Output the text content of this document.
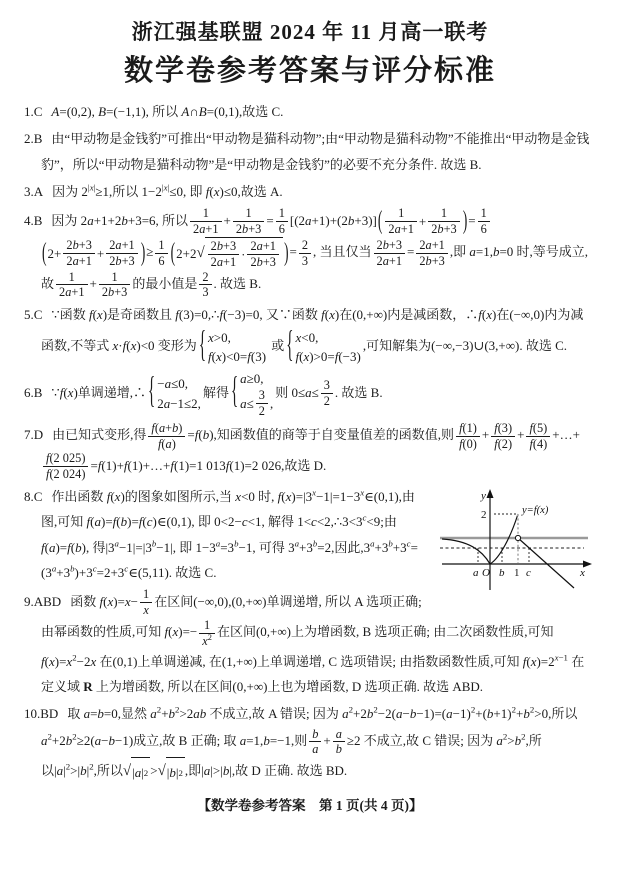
浙江强基联盟 2024 年 11 月高一联考
数学卷参考答案与评分标准
1.C A=(0,2), B=(−1,1), 所以 A∩B=(0,1),故选 C.
2.B 由“甲动物是金钱豹”可推出“甲动物是猫科动物”;由“甲动物是猫科动物”不能推出“甲动物是金钱豹”，所以“甲动物是猫科动物”是“甲动物是金钱豹”的必要不充分条件. 故选 B.
3.A 因为 $2^{|x|}\ge 1$,所以 $1-2^{|x|}\le 0$, 即 f(x)≤0,故选 A.
4.B 因为 2a+1+2b+3=6, 所以 $\frac{1}{2a+1} + \frac{1}{2b+3} = \frac{1}{6} [(2a+1)+(2b+3)]$ ( $\frac{1}{2a+1} + \frac{1}{2b+3}$ ) = $\frac{1}{6}$
( $2+ \frac{2b+3}{2a+1} + \frac{2a+1}{2b+3}$ ) ≥ $\frac{1}{6}$ ( 2+2 √ $\frac{2b+3}{2a+1} \cdot \frac{2a+1}{2b+3}$ ) = $\frac{2}{3}$ , 当且仅当 $\frac{2b+3}{2a+1} = \frac{2a+1}{2b+3}$ ,即 a=1,b=0 时,等号成立,故 $\frac{1}{2a+1} + \frac{1}{2b+3}$ 的最小值是 $\frac{2}{3}$ . 故选 B.
5.C ∵函数 f(x)是奇函数且 f(3)=0,∴f(−3)=0, 又∵函数 f(x)在(0,+∞)内是减函数，∴f(x)在(−∞,0)内为减函数,不等式 x·f(x)<0 变形为 { x >0,
f ( x )<0= f (3)
或 { x <0,
f ( x )>0= f (−3)
,可知解集为(−∞,−3)∪(3,+∞). 故选 C.
6.B ∵f(x)单调递增,∴ { − a ≤0,
2 a −1≤2,
解得 { a ≥0,
$a \le \frac{3}{2}$ ,
则 $0\le a\le \frac{3}{2}$ . 故选 B.
7.D 由已知式变形,得 $\frac{f(a+b)}{f(a)} =f(b)$,知函数值的商等于自变量值差的函数值,则 $\frac{f(1)}{f(0)} + \frac{f(3)}{f(2)} + \frac{f(5)}{f(4)}$ +…+
$\frac{f(2 025)}{f(2 024)}$ =f(1)+f(1)+…+f(1)=1 013f(1)=2 026,故选 D.
8.C	y
x
2	y=f(x)
a O b 1 c
作出函数 f(x)的图象如图所示,当 x<0 时, $f(x)=|3^x-1|=1-3^x\in(0,1)$,由图,可知 f(a)=f(b)=f(c)∈(0,1), 即 0<2−c<1, 解得 $1<c<2,\therefore 3<3^c<9$;由 f(a)=f(b), 得$|3^a-1|=|3^b-1|$, 即 $1-3^a=3^b-1$, 可得 $3^a+3^b=2$,因此$,3^a+3^b+3^c=(3^a+3^b)+3^c=2+3^c\in(5,11)$. 故选 C.
9.ABD 函数 $f(x)=x- \frac{1}{x}$ 在区间(−∞,0),(0,+∞)单调递增, 所以 A 选项正确; 由幂函数的性质,可知 $f(x)=- \frac{1}{x^2}$ 在区间(0,+∞)上为增函数, B 选项正确; 由二次函数性质,可知 $f(x)=x^2-2x$ 在(0,1)上单调递减, 在(1,+∞)上单调递增, C 选项错误; 由指数函数性质,可知 $f(x)=2^{x-1}$ 在定义域 R 上为增函数, 所以在区间(0,+∞)上也为增函数, D 选项正确. 故选 ABD.
10.BD 取 a=b=0,显然 $a^2+b^2>2ab$ 不成立,故 A 错误; 因为 $a^2+2b^2-2(a-b-1)=(a-1)^2+(b+1)^2+b^2>0$,所以 $a^2+2b^2\ge 2(a-b-1)$成立,故 B 正确; 取 a=1,b=−1,则 $\frac{b}{a} + \frac{a}{b} \ge 2$ 不成立,故 C 错误; 因为 $a^2>b^2$,所以$|a|^2>|b|^2$,所以 √ | a | 2 > √ | b | 2 ,即|a|>|b|,故 D 正确. 故选 BD.
【数学卷参考答案　第 1 页(共 4 页)】
